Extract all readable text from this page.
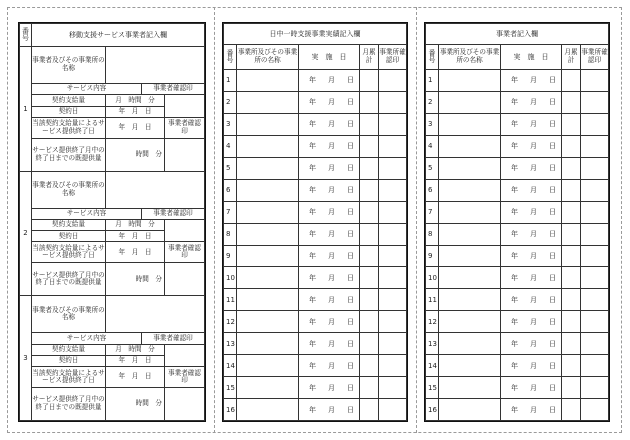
番号	移動支援サービス事業者記入欄			
1	事業者及びその事業所の名称			
	サービス内容		事業者確認印	
	契約支給量	月　時間　分		
	契約日	年　月　日		
	当該契約支給量によるサービス提供終了日	年　月　日		事業者確認印
	サービス提供終了月中の終了日までの既提供量	時間　分		

2	事業者及びその事業所の名称			
	サービス内容		事業者確認印	
	契約支給量	月　時間　分		
	契約日	年　月　日		
	当該契約支給量によるサービス提供終了日	年　月　日		事業者確認印
	サービス提供終了月中の終了日までの既提供量	時間　分		

3	事業者及びその事業所の名称			
	サービス内容		事業者確認印	
	契約支給量	月　時間　分		
	契約日	年　月　日		
	当該契約支給量によるサービス提供終了日	年　月　日		事業者確認印
	サービス提供終了月中の終了日までの既提供量	時間　分		

日中一時支援事業実績記入欄				
番号	事業所及びその事業所の名称	実　施　日	月累計	事業所確認印
1		年 月 日		
2		年 月 日		
3		年 月 日		
4		年 月 日		
5		年 月 日		
6		年 月 日		
7		年 月 日		
8		年 月 日		
9		年 月 日		
10		年 月 日		
11		年 月 日		
12		年 月 日		
13		年 月 日		
14		年 月 日		
15		年 月 日		
16		年 月 日		
事業者記入欄				
番号	事業所及びその事業所の名称	実　施　日	月累計	事業所確認印
1		年 月 日		
2		年 月 日		
3		年 月 日		
4		年 月 日		
5		年 月 日		
6		年 月 日		
7		年 月 日		
8		年 月 日		
9		年 月 日		
10		年 月 日		
11		年 月 日		
12		年 月 日		
13		年 月 日		
14		年 月 日		
15		年 月 日		
16		年 月 日		
